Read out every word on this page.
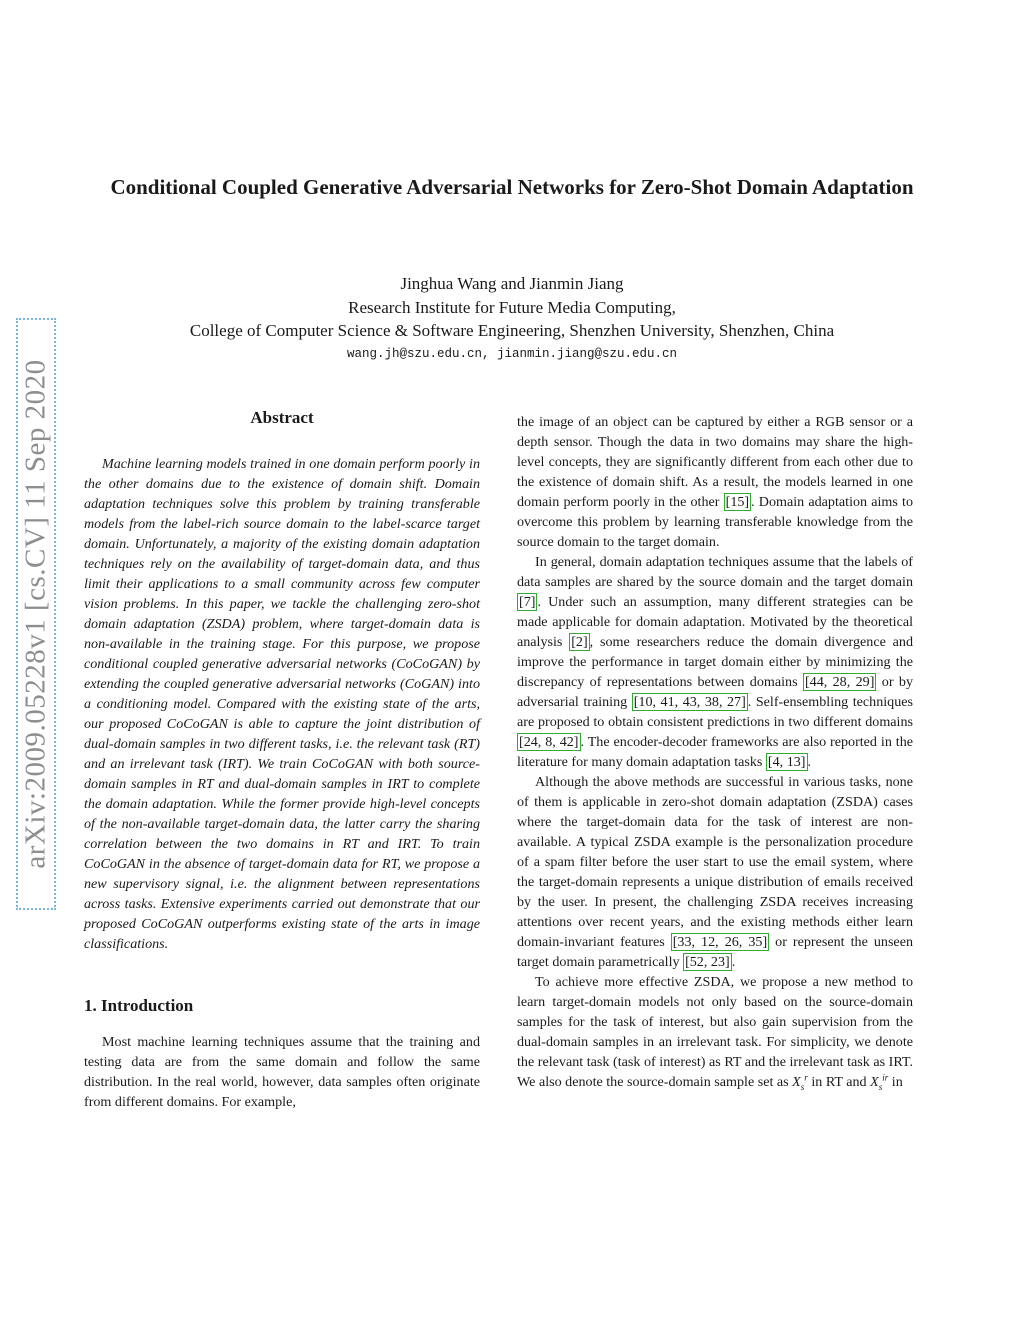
Conditional Coupled Generative Adversarial Networks for Zero-Shot Domain Adaptation
Jinghua Wang and Jianmin Jiang
Research Institute for Future Media Computing,
College of Computer Science & Software Engineering, Shenzhen University, Shenzhen, China
wang.jh@szu.edu.cn, jianmin.jiang@szu.edu.cn
arXiv:2009.05228v1 [cs.CV] 11 Sep 2020	Abstract

Machine learning models trained in one domain perform poorly in the other domains due to the existence of domain shift. Domain adaptation techniques solve this problem by training transferable models from the label-rich source domain to the label-scarce target domain. Unfortunately, a majority of the existing domain adaptation techniques rely on the availability of target-domain data, and thus limit their applications to a small community across few computer vision problems. In this paper, we tackle the challenging zero-shot domain adaptation (ZSDA) problem, where target-domain data is non-available in the training stage. For this purpose, we propose conditional coupled generative adversarial networks (CoCoGAN) by extending the coupled generative adversarial networks (CoGAN) into a conditioning model. Compared with the existing state of the arts, our proposed CoCoGAN is able to capture the joint distribution of dual-domain samples in two different tasks, i.e. the relevant task (RT) and an irrelevant task (IRT). We train CoCoGAN with both source-domain samples in RT and dual-domain samples in IRT to complete the domain adaptation. While the former provide high-level concepts of the non-available target-domain data, the latter carry the sharing correlation between the two domains in RT and IRT. To train CoCoGAN in the absence of target-domain data for RT, we propose a new supervisory signal, i.e. the alignment between representations across tasks. Extensive experiments carried out demonstrate that our proposed CoCoGAN outperforms existing state of the arts in image classifications.

1. Introduction

Most machine learning techniques assume that the training and testing data are from the same domain and follow the same distribution. In the real world, however, data samples often originate from different domains. For example,

the image of an object can be captured by either a RGB sensor or a depth sensor. Though the data in two domains may share the high-level concepts, they are significantly different from each other due to the existence of domain shift. As a result, the models learned in one domain perform poorly in the other [15] . Domain adaptation aims to overcome this problem by learning transferable knowledge from the source domain to the target domain.

In general, domain adaptation techniques assume that the labels of data samples are shared by the source domain and the target domain [7] . Under such an assumption, many different strategies can be made applicable for domain adaptation. Motivated by the theoretical analysis [2] , some researchers reduce the domain divergence and improve the performance in target domain either by minimizing the discrepancy of representations between domains [44, 28, 29] or by adversarial training [10, 41, 43, 38, 27] . Self-ensembling techniques are proposed to obtain consistent predictions in two different domains [24, 8, 42] . The encoder-decoder frameworks are also reported in the literature for many domain adaptation tasks [4, 13] .

Although the above methods are successful in various tasks, none of them is applicable in zero-shot domain adaptation (ZSDA) cases where the target-domain data for the task of interest are non-available. A typical ZSDA example is the personalization procedure of a spam filter before the user start to use the email system, where the target-domain represents a unique distribution of emails received by the user. In present, the challenging ZSDA receives increasing attentions over recent years, and the existing methods either learn domain-invariant features [33, 12, 26, 35] or represent the unseen target domain parametrically [52, 23] .

To achieve more effective ZSDA, we propose a new method to learn target-domain models not only based on the source-domain samples for the task of interest, but also gain supervision from the dual-domain samples in an irrelevant task. For simplicity, we denote the relevant task (task of interest) as RT and the irrelevant task as IRT. We also denote the source-domain sample set as $X_s^r$ in RT and $X_s^{ir}$ in
